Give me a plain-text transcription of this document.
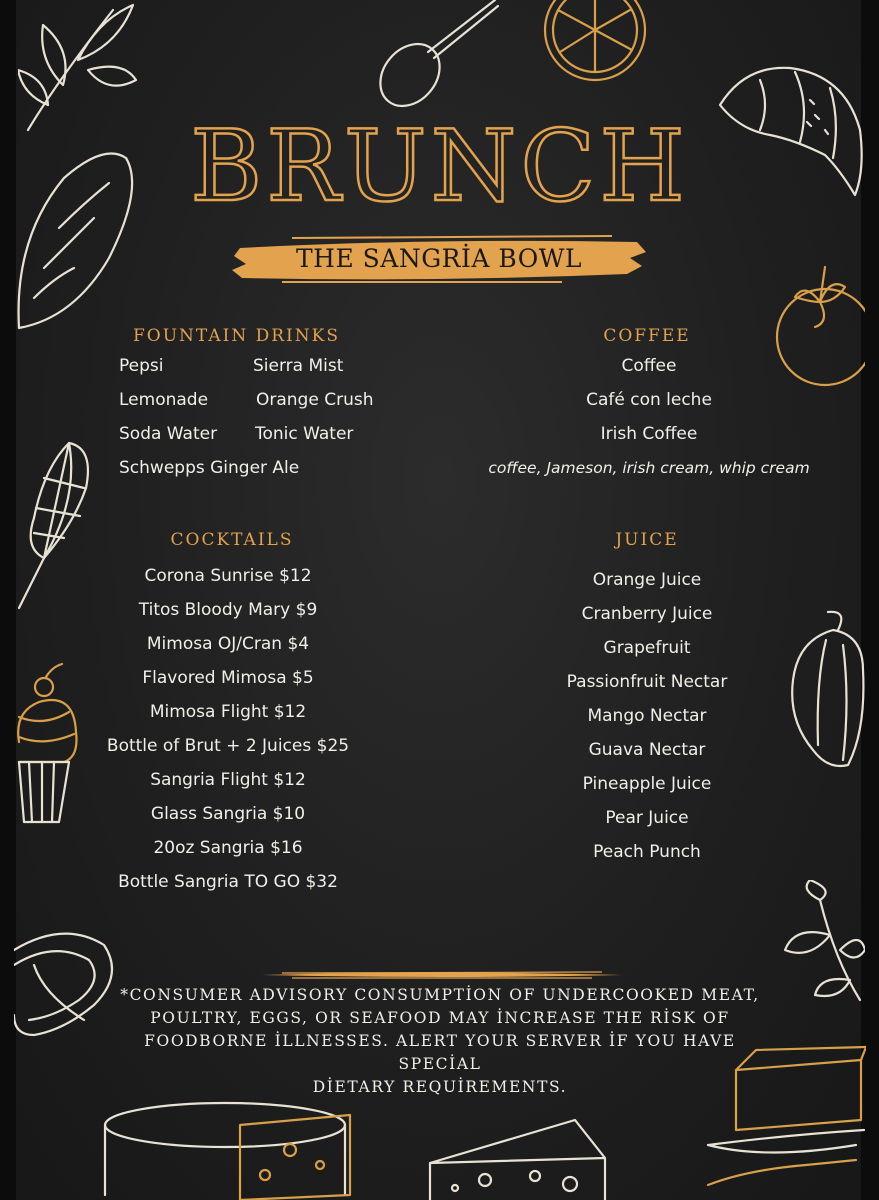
BRUNCH
THE SANGRİA BOWL
FOUNTAIN DRINKS
Pepsi	Sierra Mist
Lemonade	Orange Crush
Soda Water Tonic Water
Schwepps Ginger Ale
COFFEE
Coffee
Café con leche
Irish Coffee
coffee, Jameson, irish cream, whip cream
COCKTAILS
Corona Sunrise $12
Titos Bloody Mary $9
Mimosa OJ/Cran $4
Flavored Mimosa $5
Mimosa Flight $12
Bottle of Brut + 2 Juices $25
Sangria Flight $12
Glass Sangria $10
20oz Sangria $16
Bottle Sangria TO GO $32
JUICE
Orange Juice
Cranberry Juice
Grapefruit
Passionfruit Nectar
Mango Nectar
Guava Nectar
Pineapple Juice
Pear Juice
Peach Punch
*CONSUMER ADVISORY CONSUMPTİON OF UNDERCOOKED MEAT,
POULTRY, EGGS, OR SEAFOOD MAY İNCREASE THE RİSK OF
FOODBORNE İLLNESSES. ALERT YOUR SERVER İF YOU HAVE SPECİAL
DİETARY REQUİREMENTS.
